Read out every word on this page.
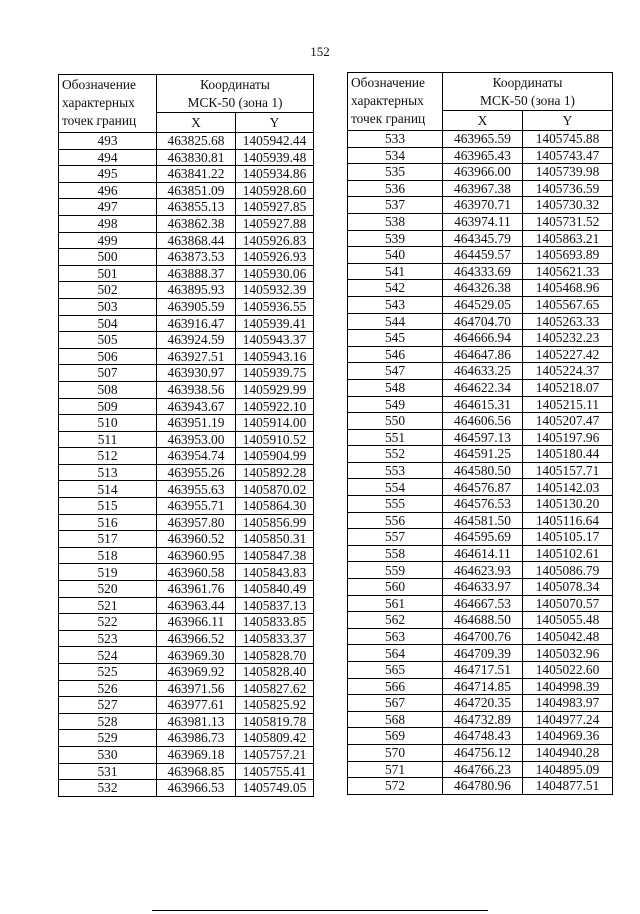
152
Обозначение
характерных
точек границ	Координаты
МСК-50 (зона 1)	
	X	Y
493	463825.68	1405942.44
494	463830.81	1405939.48
495	463841.22	1405934.86
496	463851.09	1405928.60
497	463855.13	1405927.85
498	463862.38	1405927.88
499	463868.44	1405926.83
500	463873.53	1405926.93
501	463888.37	1405930.06
502	463895.93	1405932.39
503	463905.59	1405936.55
504	463916.47	1405939.41
505	463924.59	1405943.37
506	463927.51	1405943.16
507	463930.97	1405939.75
508	463938.56	1405929.99
509	463943.67	1405922.10
510	463951.19	1405914.00
511	463953.00	1405910.52
512	463954.74	1405904.99
513	463955.26	1405892.28
514	463955.63	1405870.02
515	463955.71	1405864.30
516	463957.80	1405856.99
517	463960.52	1405850.31
518	463960.95	1405847.38
519	463960.58	1405843.83
520	463961.76	1405840.49
521	463963.44	1405837.13
522	463966.11	1405833.85
523	463966.52	1405833.37
524	463969.30	1405828.70
525	463969.92	1405828.40
526	463971.56	1405827.62
527	463977.61	1405825.92
528	463981.13	1405819.78
529	463986.73	1405809.42
530	463969.18	1405757.21
531	463968.85	1405755.41
532	463966.53	1405749.05
Обозначение
характерных
точек границ	Координаты
МСК-50 (зона 1)	
	X	Y
533	463965.59	1405745.88
534	463965.43	1405743.47
535	463966.00	1405739.98
536	463967.38	1405736.59
537	463970.71	1405730.32
538	463974.11	1405731.52
539	464345.79	1405863.21
540	464459.57	1405693.89
541	464333.69	1405621.33
542	464326.38	1405468.96
543	464529.05	1405567.65
544	464704.70	1405263.33
545	464666.94	1405232.23
546	464647.86	1405227.42
547	464633.25	1405224.37
548	464622.34	1405218.07
549	464615.31	1405215.11
550	464606.56	1405207.47
551	464597.13	1405197.96
552	464591.25	1405180.44
553	464580.50	1405157.71
554	464576.87	1405142.03
555	464576.53	1405130.20
556	464581.50	1405116.64
557	464595.69	1405105.17
558	464614.11	1405102.61
559	464623.93	1405086.79
560	464633.97	1405078.34
561	464667.53	1405070.57
562	464688.50	1405055.48
563	464700.76	1405042.48
564	464709.39	1405032.96
565	464717.51	1405022.60
566	464714.85	1404998.39
567	464720.35	1404983.97
568	464732.89	1404977.24
569	464748.43	1404969.36
570	464756.12	1404940.28
571	464766.23	1404895.09
572	464780.96	1404877.51
